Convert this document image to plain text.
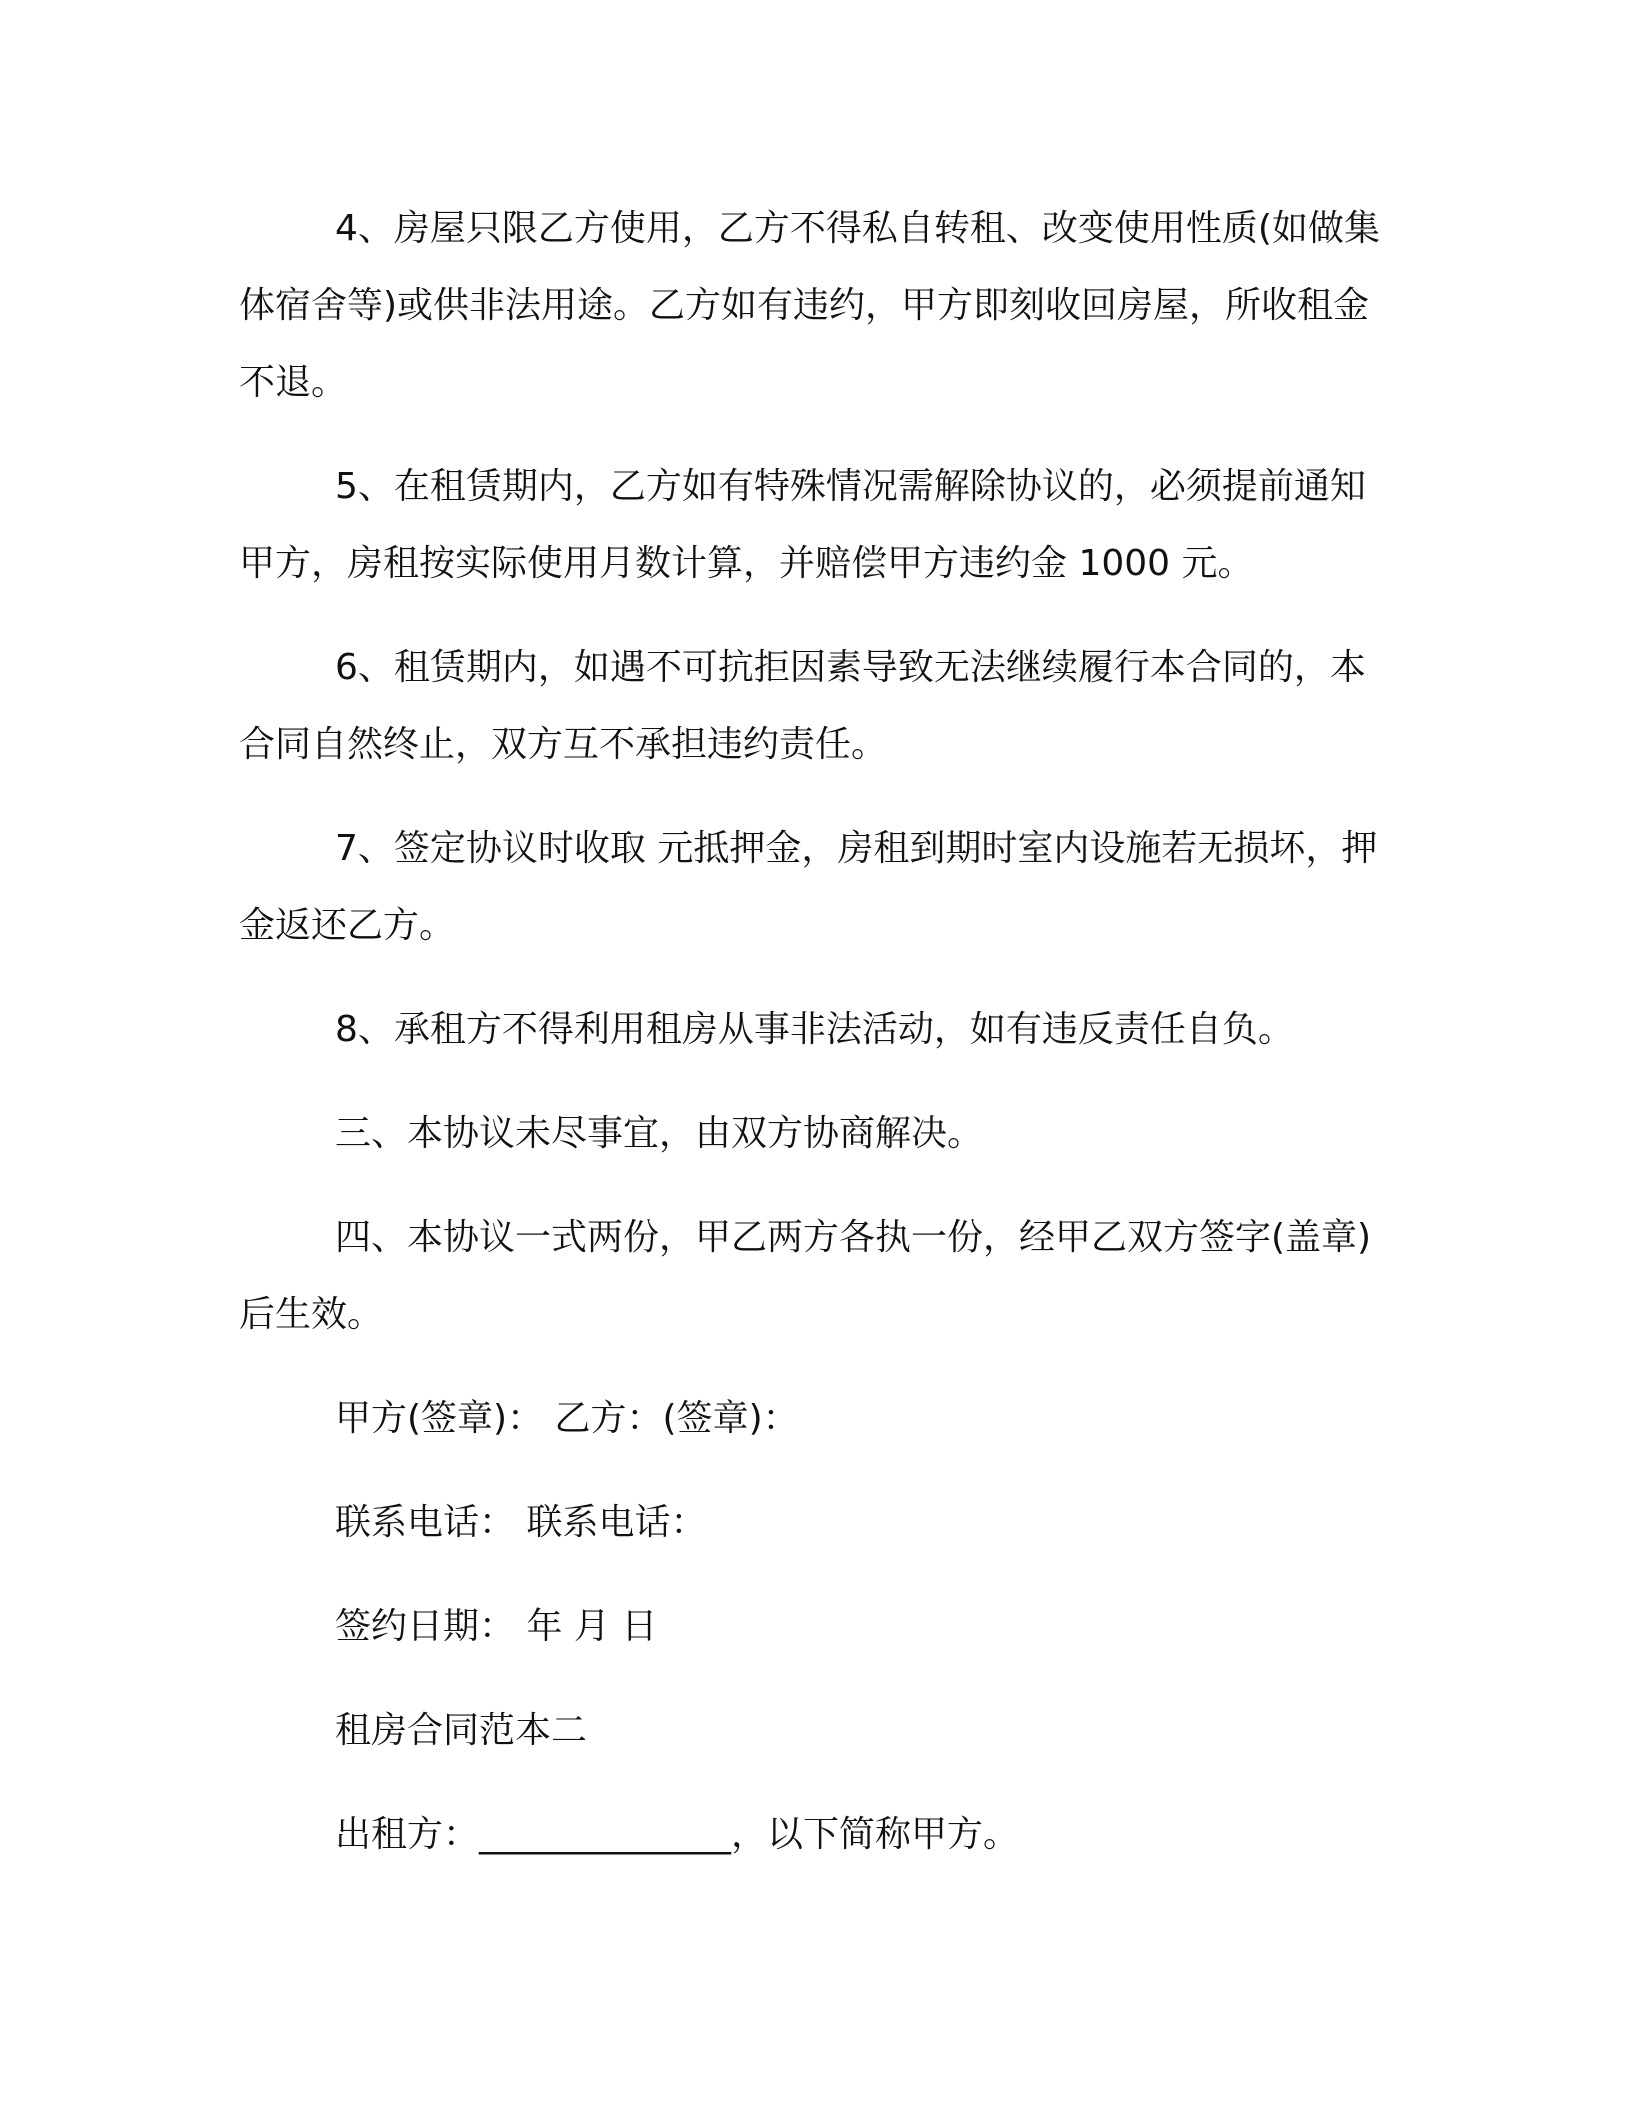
4、房屋只限乙方使用，乙方不得私自转租、改变使用性质(如做集体宿舍等)或供非法用途。乙方如有违约，甲方即刻收回房屋，所收租金不退。

5、在租赁期内，乙方如有特殊情况需解除协议的，必须提前通知甲方，房租按实际使用月数计算，并赔偿甲方违约金 1000 元。

6、租赁期内，如遇不可抗拒因素导致无法继续履行本合同的，本合同自然终止，双方互不承担违约责任。

7、签定协议时收取 元抵押金，房租到期时室内设施若无损坏，押金返还乙方。

8、承租方不得利用租房从事非法活动，如有违反责任自负。

三、本协议未尽事宜，由双方协商解决。

四、本协议一式两份，甲乙两方各执一份，经甲乙双方签字(盖章)后生效。

甲方(签章)： 乙方：(签章)：

联系电话： 联系电话：

签约日期： 年 月 日

租房合同范本二

出租方：______________，以下简称甲方。
